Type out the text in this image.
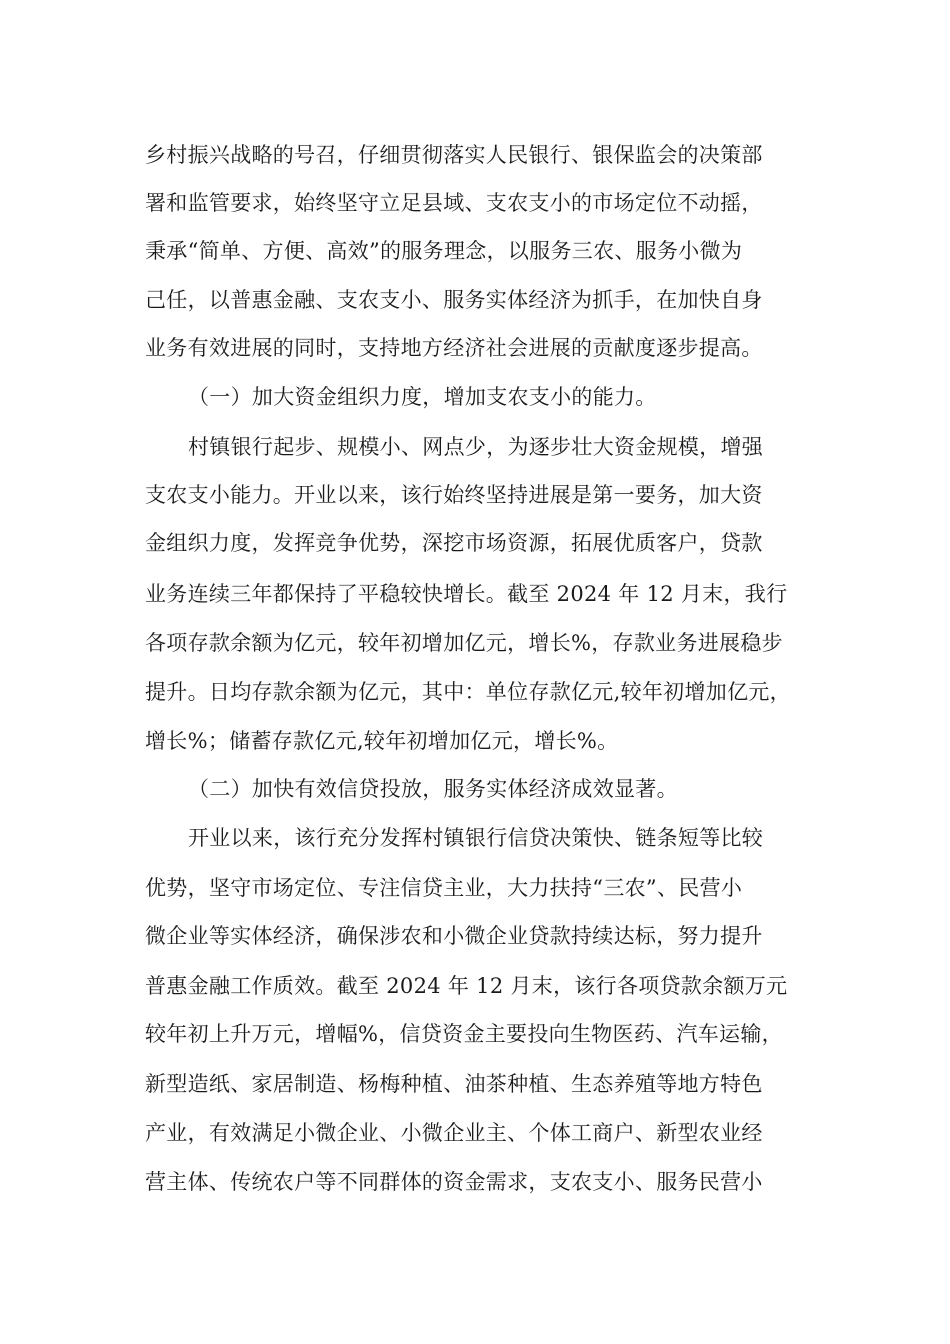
乡村振兴战略的号召，仔细贯彻落实人民银行、银保监会的决策部
署和监管要求，始终坚守立足县域、支农支小的市场定位不动摇，
秉承“简单、方便、高效”的服务理念，以服务三农、服务小微为
己任，以普惠金融、支农支小、服务实体经济为抓手，在加快自身
业务有效进展的同时，支持地方经济社会进展的贡献度逐步提高。
（一）加大资金组织力度，增加支农支小的能力。
村镇银行起步、规模小、网点少，为逐步壮大资金规模，增强
支农支小能力。开业以来，该行始终坚持进展是第一要务，加大资
金组织力度，发挥竞争优势，深挖市场资源，拓展优质客户，贷款
业务连续三年都保持了平稳较快增长。截至 2024 年 12 月末，我行
各项存款余额为亿元，较年初增加亿元，增长%，存款业务进展稳步
提升。日均存款余额为亿元，其中：单位存款亿元,较年初增加亿元，
增长%；储蓄存款亿元,较年初增加亿元，增长%。
（二）加快有效信贷投放，服务实体经济成效显著。
开业以来，该行充分发挥村镇银行信贷决策快、链条短等比较
优势，坚守市场定位、专注信贷主业，大力扶持“三农”、民营小
微企业等实体经济，确保涉农和小微企业贷款持续达标，努力提升
普惠金融工作质效。截至 2024 年 12 月末，该行各项贷款余额万元
较年初上升万元，增幅%，信贷资金主要投向生物医药、汽车运输，
新型造纸、家居制造、杨梅种植、油茶种植、生态养殖等地方特色
产业，有效满足小微企业、小微企业主、个体工商户、新型农业经
营主体、传统农户等不同群体的资金需求，支农支小、服务民营小
